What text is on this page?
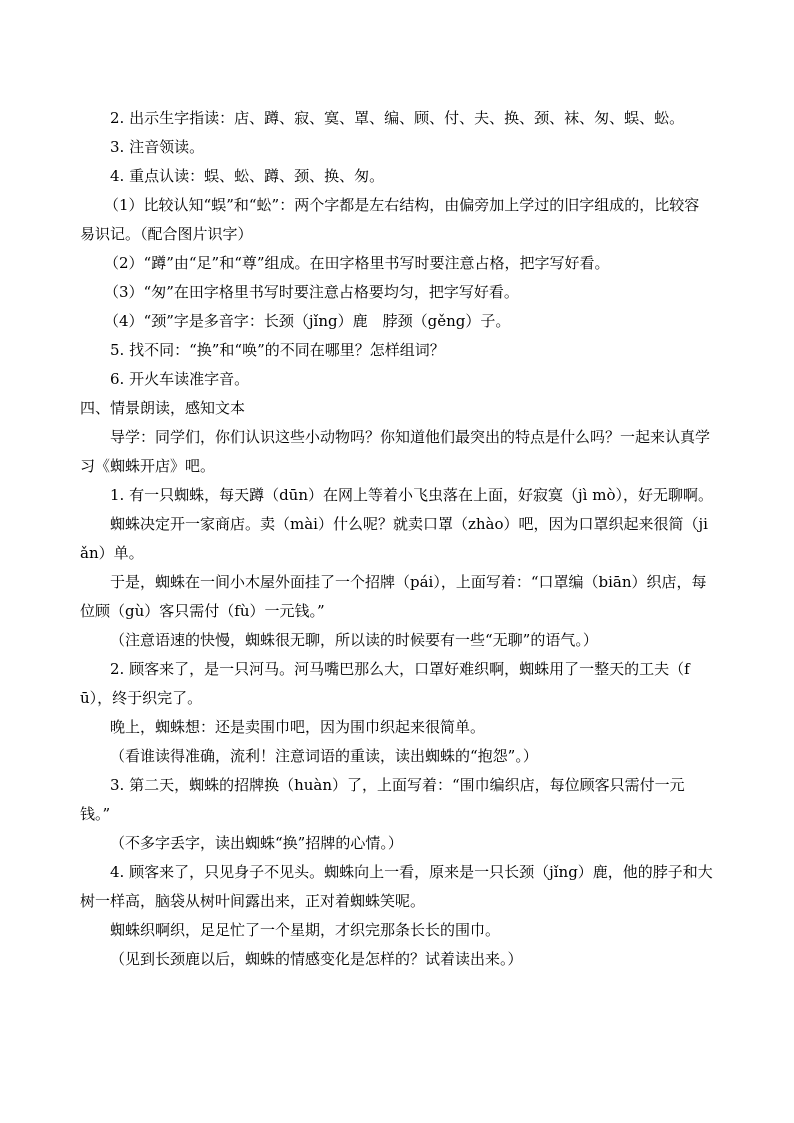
2. 出示生字指读：店、蹲、寂、寞、罩、编、顾、付、夫、换、颈、袜、匆、蜈、蚣。

3. 注音领读。

4. 重点认读：蜈、蚣、蹲、颈、换、匆。

（1）比较认知“蜈”和“蚣”：两个字都是左右结构，由偏旁加上学过的旧字组成的，比较容易识记。（配合图片识字）

（2）“蹲”由“足”和“尊”组成。在田字格里书写时要注意占格，把字写好看。

（3）“匆”在田字格里书写时要注意占格要均匀，把字写好看。

（4）“颈”字是多音字：长颈（jǐng）鹿　脖颈（gěng）子。

5. 找不同：“换”和“唤”的不同在哪里？怎样组词？

6. 开火车读准字音。

四、情景朗读，感知文本

导学：同学们，你们认识这些小动物吗？你知道他们最突出的特点是什么吗？一起来认真学习《蜘蛛开店》吧。

1. 有一只蜘蛛，每天蹲（dūn）在网上等着小飞虫落在上面，好寂寞（jì mò），好无聊啊。

蜘蛛决定开一家商店。卖（mài）什么呢？就卖口罩（zhào）吧，因为口罩织起来很简（jiǎn）单。

于是，蜘蛛在一间小木屋外面挂了一个招牌（pái），上面写着：“口罩编（biān）织店，每位顾（gù）客只需付（fù）一元钱。”

（注意语速的快慢，蜘蛛很无聊，所以读的时候要有一些“无聊”的语气。）

2. 顾客来了，是一只河马。河马嘴巴那么大，口罩好难织啊，蜘蛛用了一整天的工夫（fū），终于织完了。

晚上，蜘蛛想：还是卖围巾吧，因为围巾织起来很简单。

（看谁读得准确，流利！注意词语的重读，读出蜘蛛的“抱怨”。）

3. 第二天，蜘蛛的招牌换（huàn）了，上面写着：“围巾编织店，每位顾客只需付一元钱。”

（不多字丢字，读出蜘蛛“换”招牌的心情。）

4. 顾客来了，只见身子不见头。蜘蛛向上一看，原来是一只长颈（jǐng）鹿，他的脖子和大树一样高，脑袋从树叶间露出来，正对着蜘蛛笑呢。

蜘蛛织啊织，足足忙了一个星期，才织完那条长长的围巾。

（见到长颈鹿以后，蜘蛛的情感变化是怎样的？试着读出来。）
